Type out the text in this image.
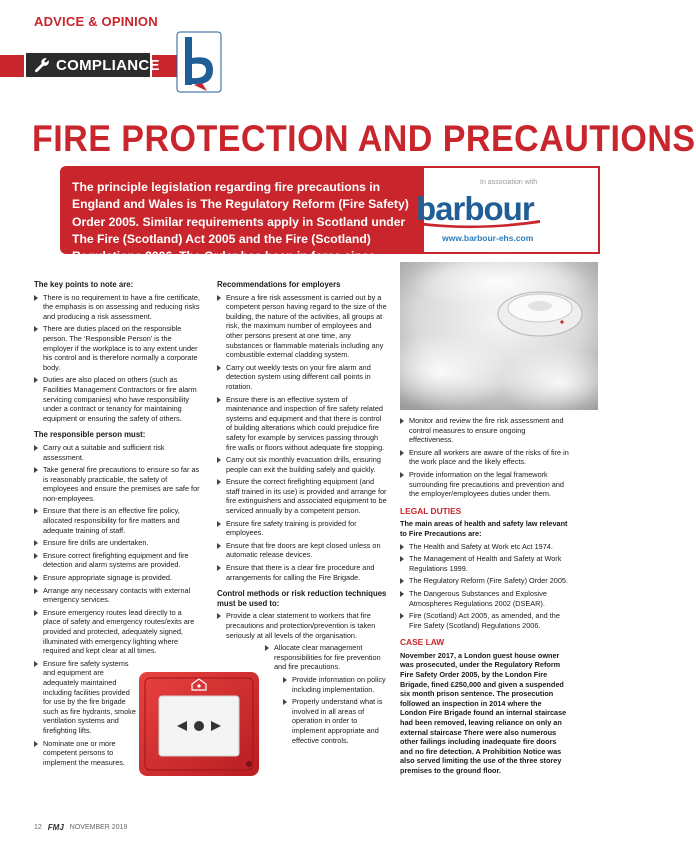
ADVICE & OPINION
COMPLIANCE
FIRE PROTECTION AND PRECAUTIONS
The principle legislation regarding fire precautions in England and Wales is The Regulatory Reform (Fire Safety) Order 2005. Similar requirements apply in Scotland under The Fire (Scotland) Act 2005 and the Fire (Scotland) Regulations 2006. The Order has been in force since October 2006.
In association with
barbour
www.barbour-ehs.com
The key points to note are:
There is no requirement to have a fire certificate, the emphasis is on assessing and reducing risks and producing a risk assessment.
There are duties placed on the responsible person. The ‘Responsible Person’ is the employer if the workplace is to any extent under his control and is therefore normally a corporate body.
Duties are also placed on others (such as Facilities Management Contractors or fire alarm servicing companies) who have responsibility under a contract or tenancy for maintaining equipment or ensuring the safety of others.
The responsible person must:
Carry out a suitable and sufficient risk assessment.
Take general fire precautions to ensure so far as is reasonably practicable, the safety of employees and ensure the premises are safe for non-employees.
Ensure that there is an effective fire policy, allocated responsibility for fire matters and adequate training of staff.
Ensure fire drills are undertaken.
Ensure correct firefighting equipment and fire detection and alarm systems are provided.
Ensure appropriate signage is provided.
Arrange any necessary contacts with external emergency services.
Ensure emergency routes lead directly to a place of safety and emergency routes/exits are provided and protected, adequately signed, illuminated with emergency lighting where required and kept clear at all times.
Ensure fire safety systems and equipment are adequately maintained including facilities provided for use by the fire brigade such as fire hydrants, smoke ventilation systems and firefighting lifts.
Nominate one or more competent persons to implement the measures.
Recommendations for employers
Ensure a fire risk assessment is carried out by a competent person having regard to the size of the building, the nature of the activities, all groups at risk, the maximum number of employees and other persons present at one time, any substances or flammable materials including any combustible external cladding system.
Carry out weekly tests on your fire alarm and detection system using different call points in rotation.
Ensure there is an effective system of maintenance and inspection of fire safety related systems and equipment and that there is control of building alterations which could prejudice fire safety for example by services passing through fire walls or floors without adequate fire stopping.
Carry out six monthly evacuation drills, ensuring people can exit the building safely and quickly.
Ensure the correct firefighting equipment (and staff trained in its use) is provided and arrange for fire extinguishers and associated equipment to be serviced annually by a competent person.
Ensure fire safety training is provided for employees.
Ensure that fire doors are kept closed unless on automatic release devices.
Ensure that there is a clear fire procedure and arrangements for calling the Fire Brigade.
Control methods or risk reduction techniques must be used to:
Provide a clear statement to workers that fire precautions and protection/prevention is taken seriously at all levels of the organisation.
Allocate clear management responsibilities for fire prevention and fire precautions.
Provide information on policy including implementation.
Properly understand what is involved in all areas of operation in order to implement appropriate and effective controls.
Monitor and review the fire risk assessment and control measures to ensure ongoing effectiveness.
Ensure all workers are aware of the risks of fire in the work place and the likely effects.
Provide information on the legal framework surrounding fire precautions and prevention and the employer/employees duties under them.
LEGAL DUTIES

The main areas of health and safety law relevant to Fire Precautions are:

The Health and Safety at Work etc Act 1974.
The Management of Health and Safety at Work Regulations 1999.
The Regulatory Reform (Fire Safety) Order 2005.
The Dangerous Substances and Explosive Atmospheres Regulations 2002 (DSEAR).
Fire (Scotland) Act 2005, as amended, and the Fire Safety (Scotland) Regulations 2006.
CASE LAW

November 2017, a London guest house owner was prosecuted, under the Regulatory Reform Fire Safety Order 2005, by the London Fire Brigade, fined £250,000 and given a suspended six month prison sentence. The prosecution followed an inspection in 2014 where the London Fire Brigade found an internal staircase had been removed, leaving reliance on only an external staircase There were also numerous other failings including inadequate fire doors and no fire detection. A Prohibition Notice was also served limiting the use of the three storey premises to the ground floor.

12 FMJ NOVEMBER 2019
